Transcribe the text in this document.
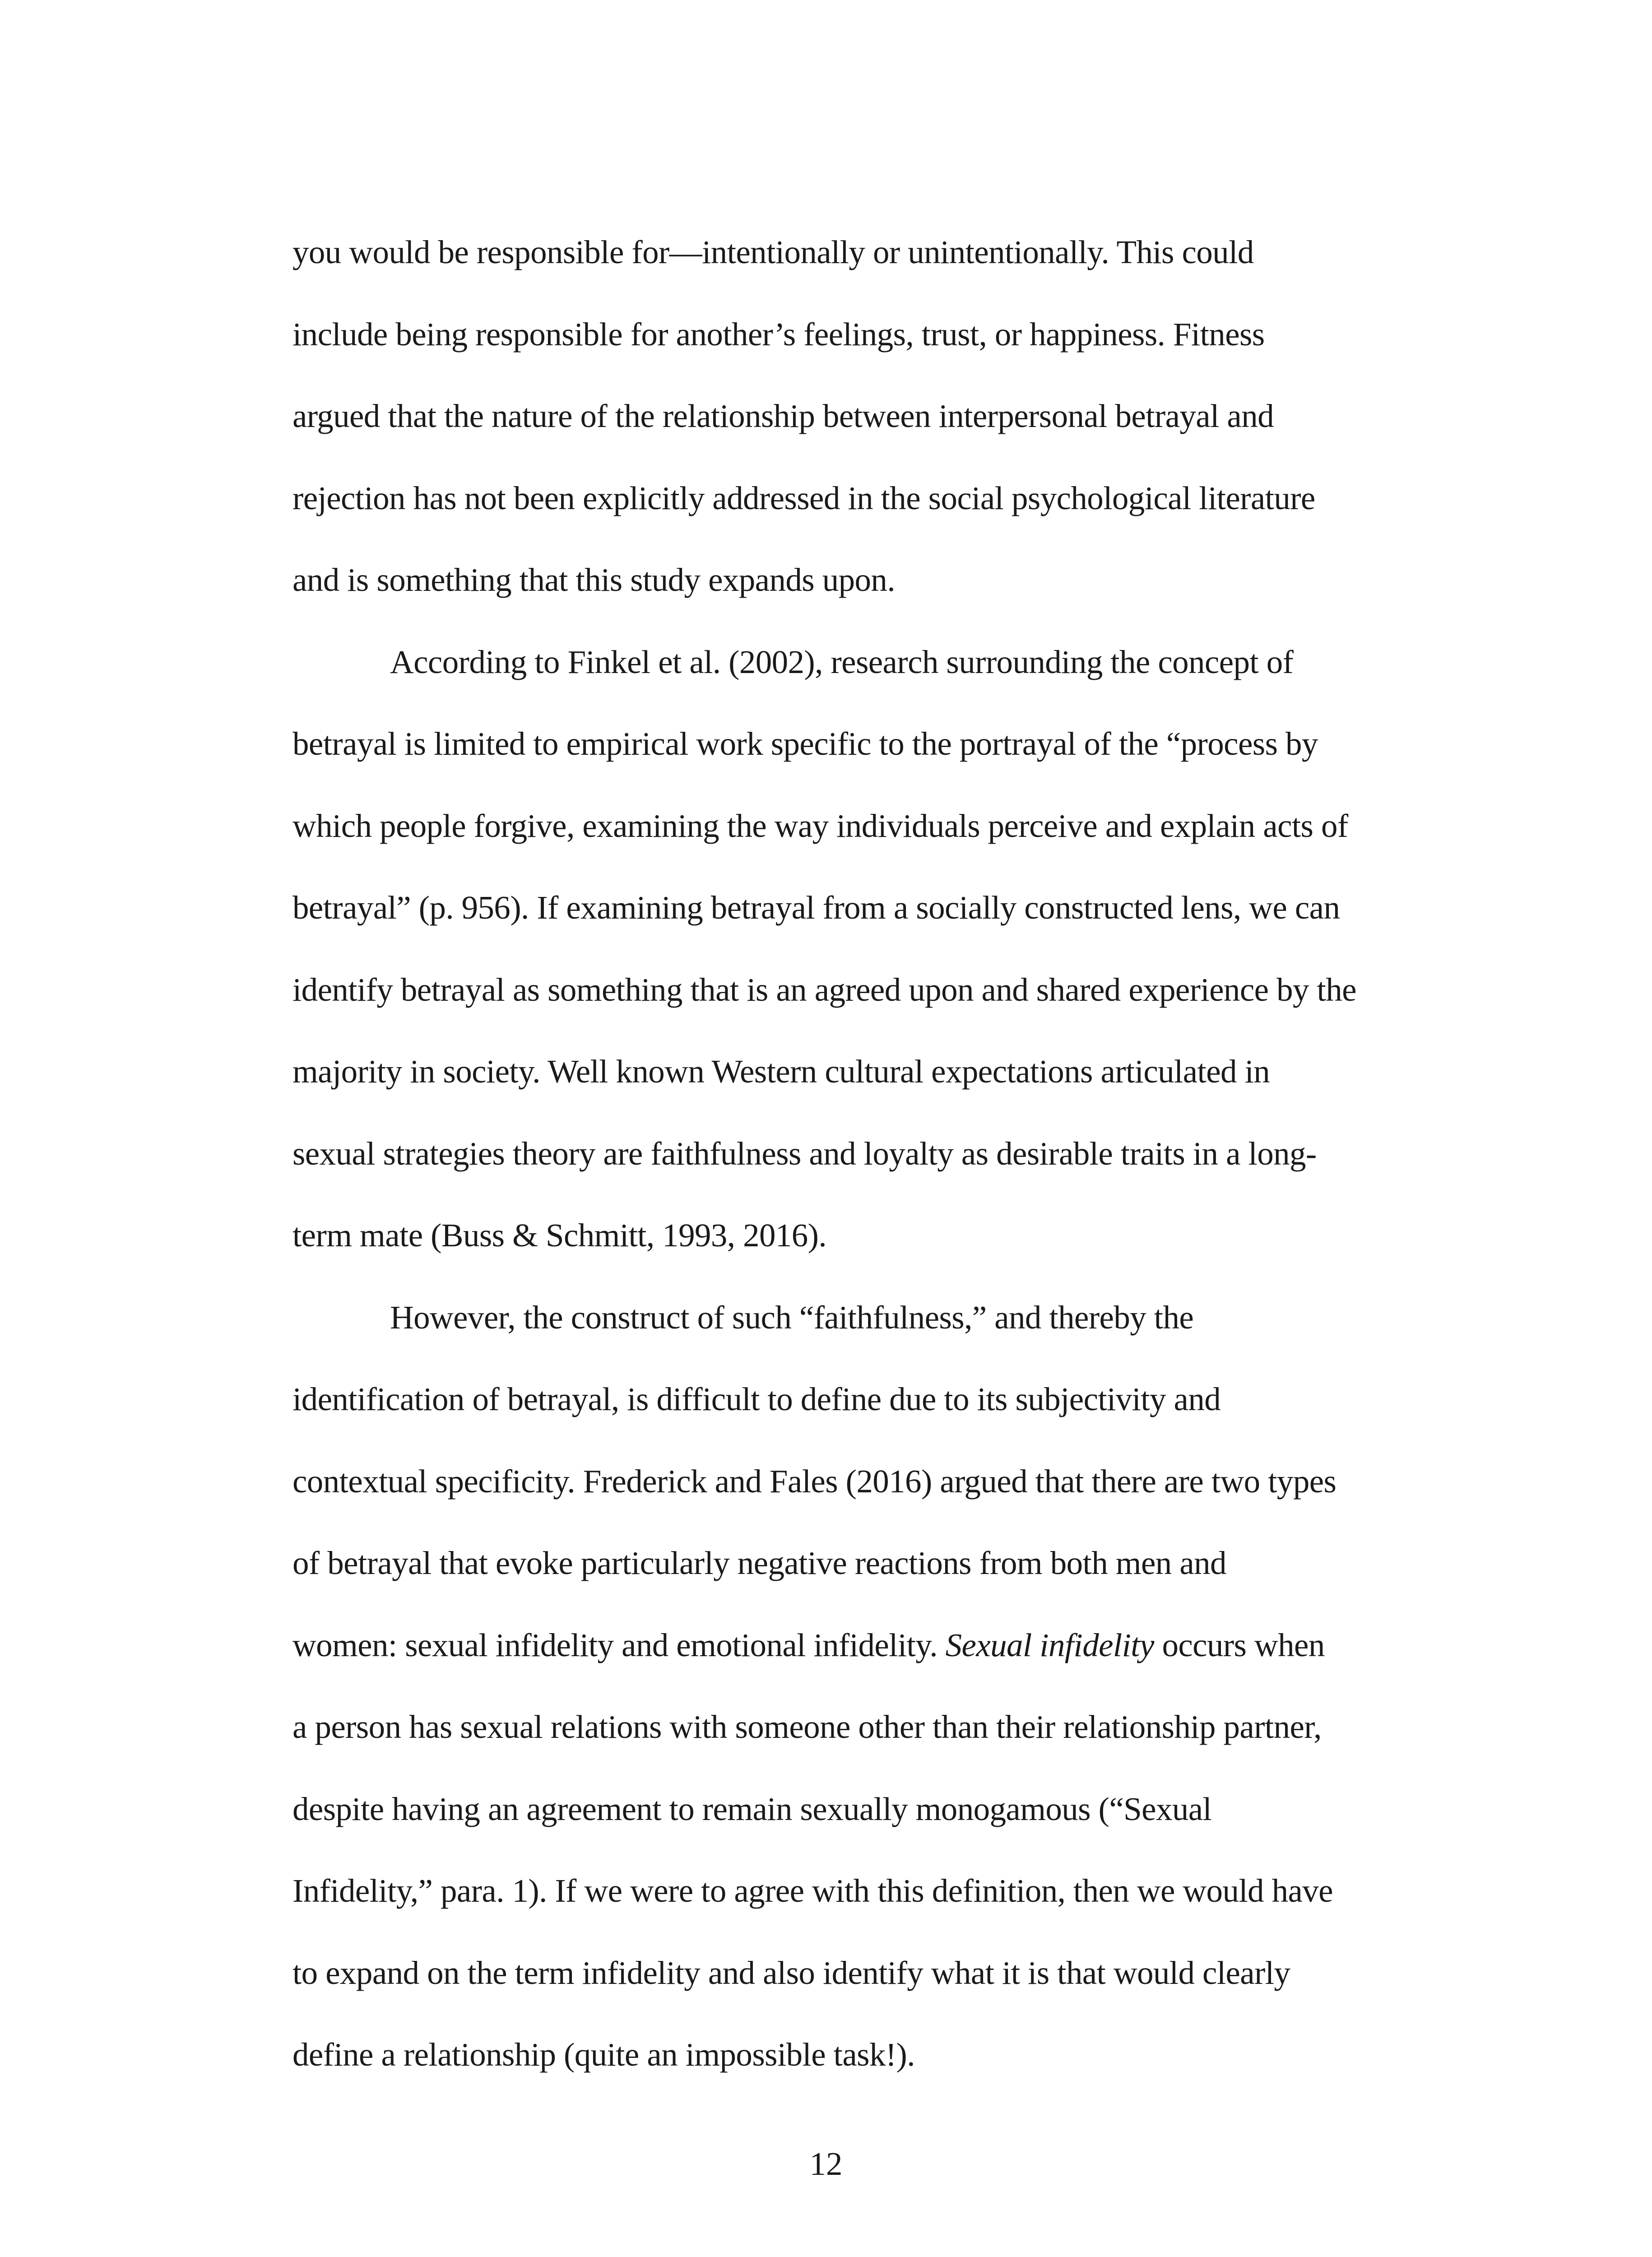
you would be responsible for—intentionally or unintentionally. This could
include being responsible for another’s feelings, trust, or happiness. Fitness
argued that the nature of the relationship between interpersonal betrayal and
rejection has not been explicitly addressed in the social psychological literature
and is something that this study expands upon.
According to Finkel et al. (2002), research surrounding the concept of
betrayal is limited to empirical work specific to the portrayal of the “process by
which people forgive, examining the way individuals perceive and explain acts of
betrayal” (p. 956). If examining betrayal from a socially constructed lens, we can
identify betrayal as something that is an agreed upon and shared experience by the
majority in society. Well known Western cultural expectations articulated in
sexual strategies theory are faithfulness and loyalty as desirable traits in a long-
term mate (Buss & Schmitt, 1993, 2016).
However, the construct of such “faithfulness,” and thereby the
identification of betrayal, is difficult to define due to its subjectivity and
contextual specificity. Frederick and Fales (2016) argued that there are two types
of betrayal that evoke particularly negative reactions from both men and
women: sexual infidelity and emotional infidelity. Sexual infidelity occurs when
a person has sexual relations with someone other than their relationship partner,
despite having an agreement to remain sexually monogamous (“Sexual
Infidelity,” para. 1). If we were to agree with this definition, then we would have
to expand on the term infidelity and also identify what it is that would clearly
define a relationship (quite an impossible task!).
12
